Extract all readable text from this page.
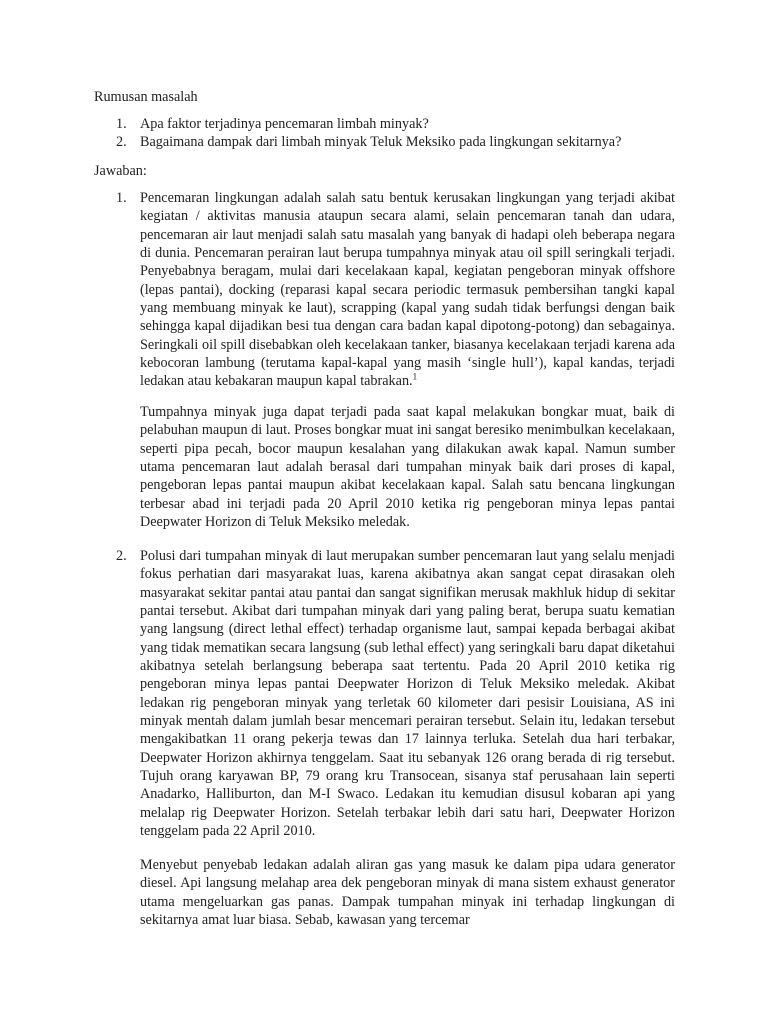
Rumusan masalah
1. Apa faktor terjadinya pencemaran limbah minyak?
2. Bagaimana dampak dari limbah minyak Teluk Meksiko pada lingkungan sekitarnya?
Jawaban:
1. Pencemaran lingkungan adalah salah satu bentuk kerusakan lingkungan yang terjadi akibat kegiatan / aktivitas manusia ataupun secara alami, selain pencemaran tanah dan udara, pencemaran air laut menjadi salah satu masalah yang banyak di hadapi oleh beberapa negara di dunia. Pencemaran perairan laut berupa tumpahnya minyak atau oil spill seringkali terjadi. Penyebabnya beragam, mulai dari kecelakaan kapal, kegiatan pengeboran minyak offshore (lepas pantai), docking (reparasi kapal secara periodic termasuk pembersihan tangki kapal yang membuang minyak ke laut), scrapping (kapal yang sudah tidak berfungsi dengan baik sehingga kapal dijadikan besi tua dengan cara badan kapal dipotong-potong) dan sebagainya. Seringkali oil spill disebabkan oleh kecelakaan tanker, biasanya kecelakaan terjadi karena ada kebocoran lambung (terutama kapal-kapal yang masih ‘single hull’), kapal kandas, terjadi ledakan atau kebakaran maupun kapal tabrakan.$^1$

Tumpahnya minyak juga dapat terjadi pada saat kapal melakukan bongkar muat, baik di pelabuhan maupun di laut. Proses bongkar muat ini sangat beresiko menimbulkan kecelakaan, seperti pipa pecah, bocor maupun kesalahan yang dilakukan awak kapal. Namun sumber utama pencemaran laut adalah berasal dari tumpahan minyak baik dari proses di kapal, pengeboran lepas pantai maupun akibat kecelakaan kapal. Salah satu bencana lingkungan terbesar abad ini terjadi pada 20 April 2010 ketika rig pengeboran minya lepas pantai Deepwater Horizon di Teluk Meksiko meledak.

2. Polusi dari tumpahan minyak di laut merupakan sumber pencemaran laut yang selalu menjadi fokus perhatian dari masyarakat luas, karena akibatnya akan sangat cepat dirasakan oleh masyarakat sekitar pantai atau pantai dan sangat signifikan merusak makhluk hidup di sekitar pantai tersebut. Akibat dari tumpahan minyak dari yang paling berat, berupa suatu kematian yang langsung (direct lethal effect) terhadap organisme laut, sampai kepada berbagai akibat yang tidak mematikan secara langsung (sub lethal effect) yang seringkali baru dapat diketahui akibatnya setelah berlangsung beberapa saat tertentu. Pada 20 April 2010 ketika rig pengeboran minya lepas pantai Deepwater Horizon di Teluk Meksiko meledak. Akibat ledakan rig pengeboran minyak yang terletak 60 kilometer dari pesisir Louisiana, AS ini minyak mentah dalam jumlah besar mencemari perairan tersebut. Selain itu, ledakan tersebut mengakibatkan 11 orang pekerja tewas dan 17 lainnya terluka. Setelah dua hari terbakar, Deepwater Horizon akhirnya tenggelam. Saat itu sebanyak 126 orang berada di rig tersebut. Tujuh orang karyawan BP, 79 orang kru Transocean, sisanya staf perusahaan lain seperti Anadarko, Halliburton, dan M-I Swaco. Ledakan itu kemudian disusul kobaran api yang melalap rig Deepwater Horizon. Setelah terbakar lebih dari satu hari, Deepwater Horizon tenggelam pada 22 April 2010.

Menyebut penyebab ledakan adalah aliran gas yang masuk ke dalam pipa udara generator diesel. Api langsung melahap area dek pengeboran minyak di mana sistem exhaust generator utama mengeluarkan gas panas. Dampak tumpahan minyak ini terhadap lingkungan di sekitarnya amat luar biasa. Sebab, kawasan yang tercemar
